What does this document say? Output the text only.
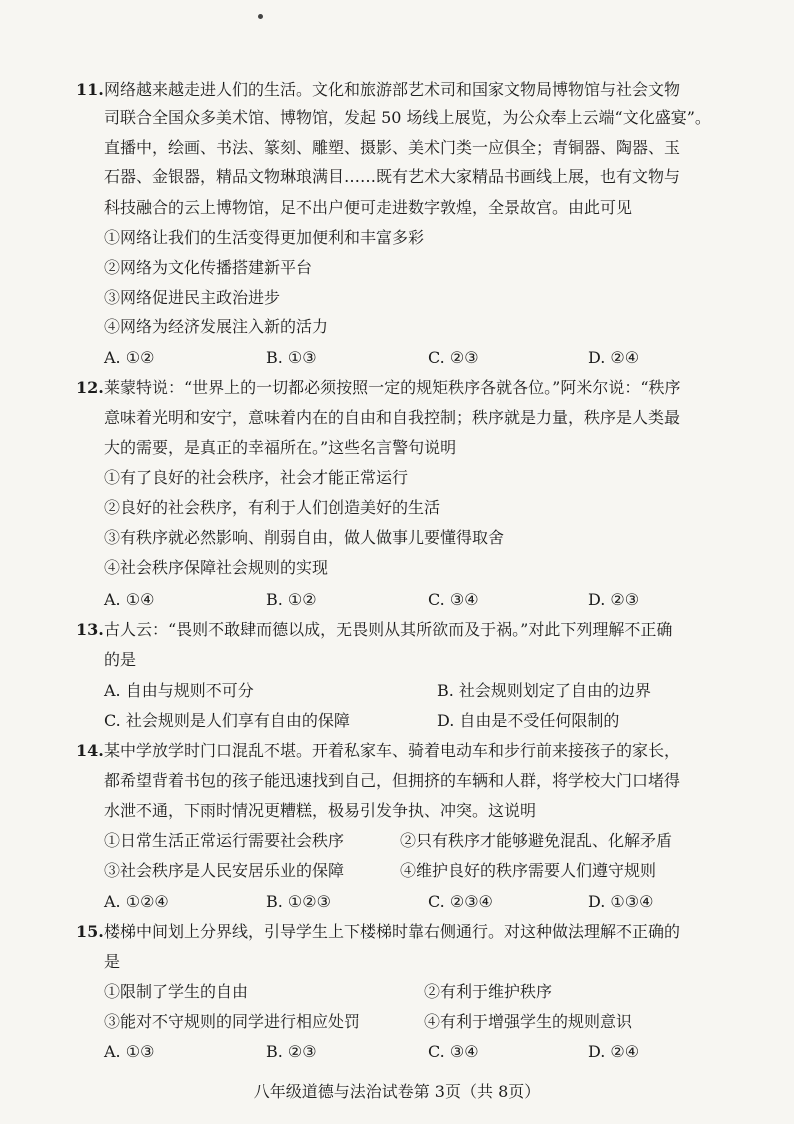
11. 网络越来越走进人们的生活。文化和旅游部艺术司和国家文物局博物馆与社会文物
司联合全国众多美术馆、博物馆，发起 50 场线上展览，为公众奉上云端“文化盛宴”。
直播中，绘画、书法、篆刻、雕塑、摄影、美术门类一应俱全；青铜器、陶器、玉
石器、金银器，精品文物琳琅满目……既有艺术大家精品书画线上展，也有文物与
科技融合的云上博物馆，足不出户便可走进数字敦煌，全景故宫。由此可见
①网络让我们的生活变得更加便利和丰富多彩
②网络为文化传播搭建新平台
③网络促进民主政治进步
④网络为经济发展注入新的活力
A. ①②	B. ①③	C. ②③	D. ②④
12. 莱蒙特说：“世界上的一切都必须按照一定的规矩秩序各就各位。”阿米尔说：“秩序
意味着光明和安宁，意味着内在的自由和自我控制；秩序就是力量，秩序是人类最
大的需要，是真正的幸福所在。”这些名言警句说明
①有了良好的社会秩序，社会才能正常运行
②良好的社会秩序，有利于人们创造美好的生活
③有秩序就必然影响、削弱自由，做人做事儿要懂得取舍
④社会秩序保障社会规则的实现
A. ①④	B. ①②	C. ③④	D. ②③
13. 古人云：“畏则不敢肆而德以成，无畏则从其所欲而及于祸。”对此下列理解不正确
的是
A. 自由与规则不可分	B. 社会规则划定了自由的边界
C. 社会规则是人们享有自由的保障	D. 自由是不受任何限制的
14. 某中学放学时门口混乱不堪。开着私家车、骑着电动车和步行前来接孩子的家长，
都希望背着书包的孩子能迅速找到自己，但拥挤的车辆和人群，将学校大门口堵得
水泄不通，下雨时情况更糟糕，极易引发争执、冲突。这说明
①日常生活正常运行需要社会秩序	②只有秩序才能够避免混乱、化解矛盾
③社会秩序是人民安居乐业的保障	④维护良好的秩序需要人们遵守规则
A. ①②④	B. ①②③	C. ②③④	D. ①③④
15. 楼梯中间划上分界线，引导学生上下楼梯时靠右侧通行。对这种做法理解不正确的
是
①限制了学生的自由	②有利于维护秩序
③能对不守规则的同学进行相应处罚	④有利于增强学生的规则意识
A. ①③	B. ②③	C. ③④	D. ②④
八年级道德与法治试卷第 3页（共 8页）
